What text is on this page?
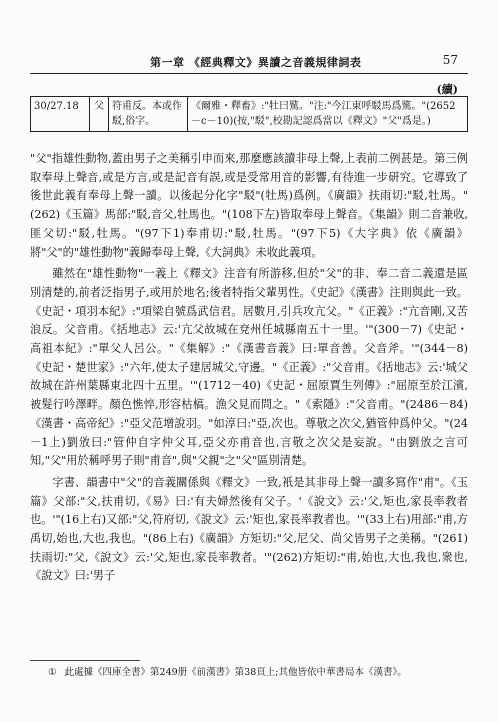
第一章 《經典釋文》異讀之音義規律詞表	57
(續)
30/27.18	父	符甫反。本或作駁,俗字。	《爾雅・釋畜》:"牡曰騭。"注:"今江東呼駁馬爲騭。"(2652－c－10)(按,"駁",校勘記認爲當以《釋文》"父"爲是。)

"父"指雄性動物,蓋由男子之美稱引申而來,那麼應該讀非母上聲,上表前二例甚是。第三例取奉母上聲音,或是方言,或是記音有誤,或是受常用音的影響,有待進一步研究。它導致了後世此義有奉母上聲一讀。以後起分化字"駁"(牡馬)爲例。《廣韻》扶雨切:"駁,牡馬。"(262)《玉篇》馬部:"駁,音父,牡馬也。"(108下左)皆取奉母上聲音。《集韻》則二音兼收,匪父切:"駁,牡馬。"(97下1)奉甫切:"駁,牡馬。"(97下5)《大字典》依《廣韻》將"父"的"雄性動物"義歸奉母上聲,《大詞典》未收此義項。

雖然在"雄性動物"一義上《釋文》注音有所游移,但於"父"的非、奉二音二義還是區別清楚的,前者泛指男子,或用於地名;後者特指父輩男性。《史記》《漢書》注則與此一致。《史記・項羽本紀》:"項梁自號爲武信君。居數月,引兵攻亢父。"《正義》:"亢音剛,又苦浪反。父音甫。《括地志》云:'亢父故城在兗州任城縣南五十一里。'"(300－7)《史記・高祖本紀》:"單父人呂公。"《集解》:"《漢書音義》曰:單音善。父音斧。'"(344－8)《史記・楚世家》:"六年,使太子建居城父,守邊。"《正義》:"父音甫。《括地志》云:'城父故城在許州葉縣東北四十五里。'"(1712－40)《史記・屈原賈生列傳》:"屈原至於江濱,被髮行吟澤畔。顏色憔悴,形容枯槁。漁父見而問之。"《索隱》:"父音甫。"(2486－84)《漢書・高帝紀》:"亞父范增說羽。"如淳曰:"亞,次也。尊敬之次父,猶管仲爲仲父。"(24－1上)劉攽曰:"管仲自字仲父耳,亞父亦甫音也,言敬之次父是妄說。"由劉攽之言可知,"父"用於稱呼男子則"甫音",與"父親"之"父"區別清楚。

字書、韻書中"父"的音義關係與《釋文》一致,衹是其非母上聲一讀多寫作"甫"。《玉篇》父部:"父,扶甫切,《易》曰:'有夫婦然後有父子。'《說文》云:'父,矩也,家長率教者也。'"(16上右)又部:"父,符府切,《說文》云:'矩也,家長率教者也。'"(33上右)用部:"甫,方禹切,始也,大也,我也。"(86上右)《廣韻》方矩切:"父,尼父、尚父皆男子之美稱。"(261)扶雨切:"父,《說文》云:'父,矩也,家長率教者。'"(262)方矩切:"甫,始也,大也,我也,衆也,《說文》曰:'男子

① 此處據《四庫全書》第249册《前漢書》第38頁上;其他皆依中華書局本《漢書》。
